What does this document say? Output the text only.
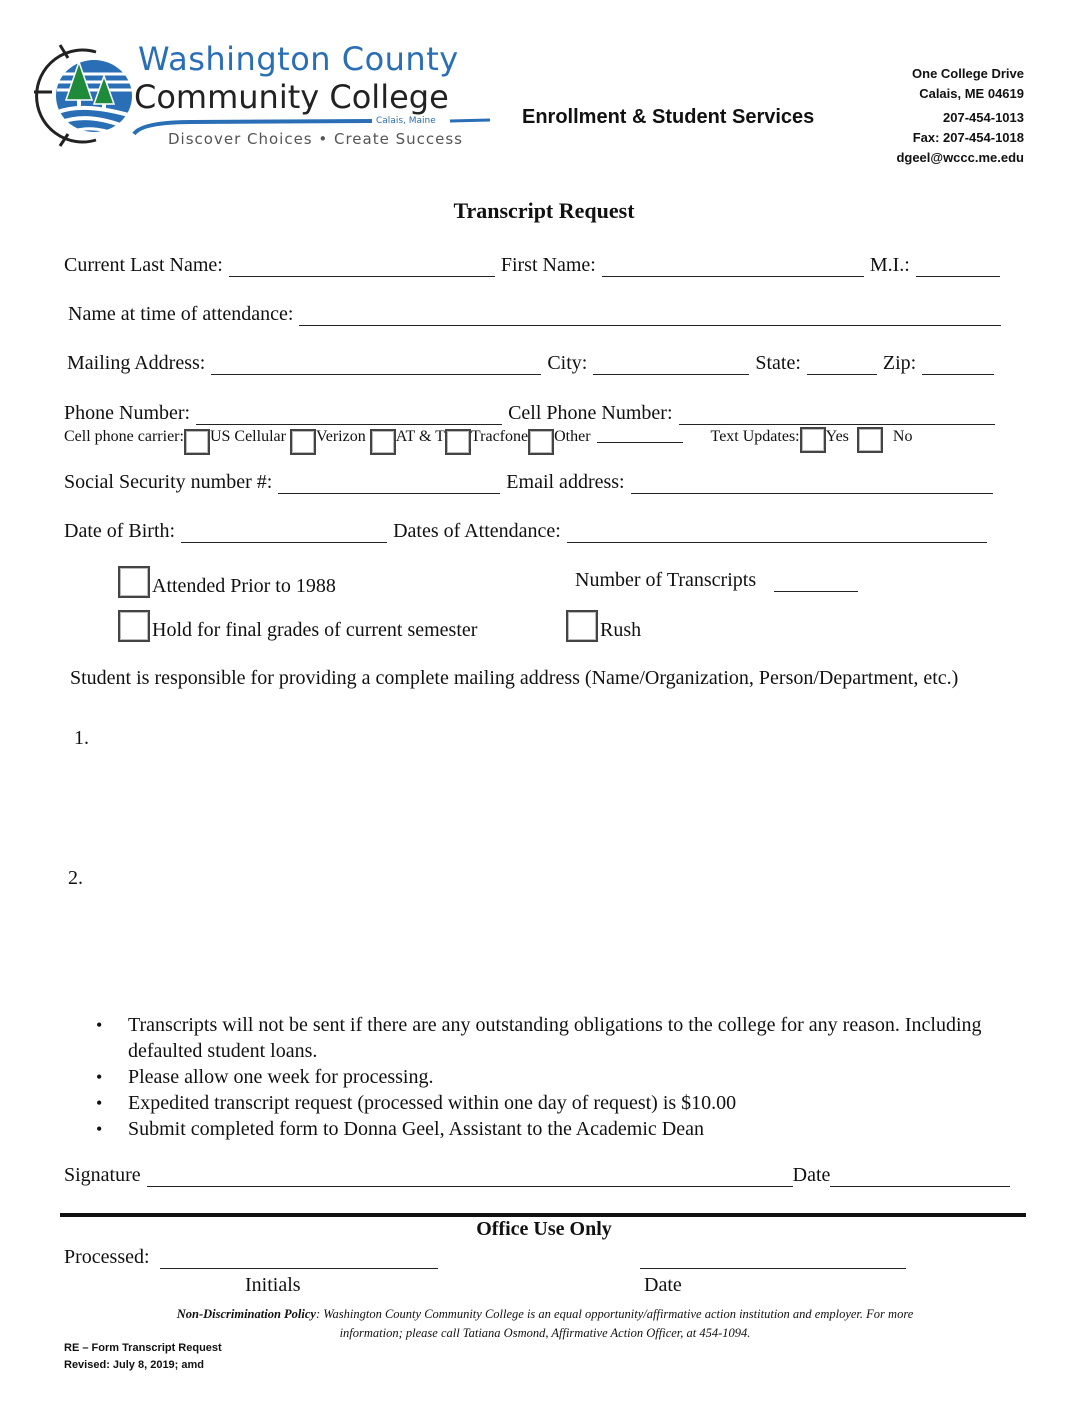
Washington County
Community College
Calais, Maine
Discover Choices • Create Success
Enrollment & Student Services
One College Drive
Calais, ME 04619
207-454-1013
Fax: 207-454-1018
dgeel@wccc.me.edu
Transcript Request
Current Last Name:	First Name:	M.I.:
Name at time of attendance:
Mailing Address:	City:	State:	Zip:
Phone Number:	Cell Phone Number:
Cell phone carrier: US Cellular Verizon AT & T Tracfone Other	Text Updates: Yes	No
Social Security number #:	Email address:
Date of Birth:	Dates of Attendance:
Attended Prior to 1988	Number of Transcripts
Hold for final grades of current semester	Rush
Student is responsible for providing a complete mailing address (Name/Organization, Person/Department, etc.)
1.
2.
• Transcripts will not be sent if there are any outstanding obligations to the college for any reason. Including defaulted student loans.
• Please allow one week for processing.
• Expedited transcript request (processed within one day of request) is $10.00
• Submit completed form to Donna Geel, Assistant to the Academic Dean
Signature	Date
Office Use Only
Processed:
Initials	Date
Non-Discrimination Policy: Washington County Community College is an equal opportunity/affirmative action institution and employer. For more information; please call Tatiana Osmond, Affirmative Action Officer, at 454-1094.
RE – Form Transcript Request
Revised: July 8, 2019; amd
